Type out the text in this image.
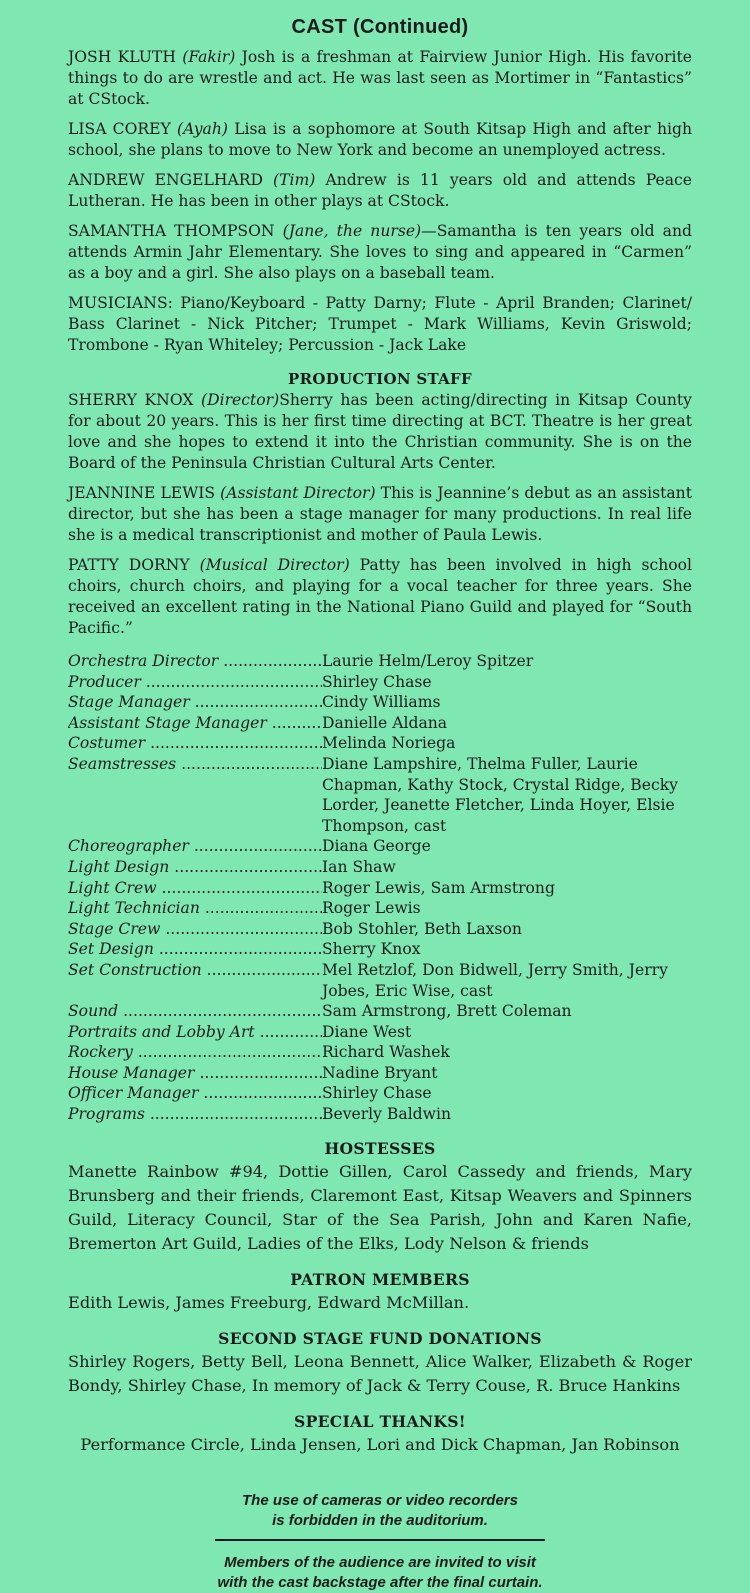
CAST (Continued)

JOSH KLUTH (Fakir) Josh is a freshman at Fairview Junior High. His favorite things to do are wrestle and act. He was last seen as Mortimer in “Fantastics” at CStock.

LISA COREY (Ayah) Lisa is a sophomore at South Kitsap High and after high school, she plans to move to New York and become an unemployed actress.

ANDREW ENGELHARD (Tim) Andrew is 11 years old and attends Peace Lutheran. He has been in other plays at CStock.

SAMANTHA THOMPSON (Jane, the nurse)—Samantha is ten years old and attends Armin Jahr Elementary. She loves to sing and appeared in “Carmen” as a boy and a girl. She also plays on a baseball team.

MUSICIANS: Piano/Keyboard - Patty Darny; Flute - April Branden; Clarinet/ Bass Clarinet - Nick Pitcher; Trumpet - Mark Williams, Kevin Griswold; Trombone - Ryan Whiteley; Percussion - Jack Lake

PRODUCTION STAFF

SHERRY KNOX (Director)Sherry has been acting/directing in Kitsap County for about 20 years. This is her first time directing at BCT. Theatre is her great love and she hopes to extend it into the Christian community. She is on the Board of the Peninsula Christian Cultural Arts Center.

JEANNINE LEWIS (Assistant Director) This is Jeannine’s debut as an assistant director, but she has been a stage manager for many productions. In real life she is a medical transcriptionist and mother of Paula Lewis.

PATTY DORNY (Musical Director) Patty has been involved in high school choirs, church choirs, and playing for a vocal teacher for three years. She received an excellent rating in the National Piano Guild and played for “South Pacific.”

Orchestra Director .....	Laurie Helm/Leroy Spitzer
Producer .....	Shirley Chase
Stage Manager .....	Cindy Williams
Assistant Stage Manager .....	Danielle Aldana
Costumer .....	Melinda Noriega
Seamstresses .....	Diane Lampshire, Thelma Fuller, Laurie Chapman, Kathy Stock, Crystal Ridge, Becky Lorder, Jeanette Fletcher, Linda Hoyer, Elsie Thompson, cast
Choreographer .....	Diana George
Light Design .....	Ian Shaw
Light Crew .....	Roger Lewis, Sam Armstrong
Light Technician .....	Roger Lewis
Stage Crew .....	Bob Stohler, Beth Laxson
Set Design .....	Sherry Knox
Set Construction .....	Mel Retzlof, Don Bidwell, Jerry Smith, Jerry Jobes, Eric Wise, cast
Sound .....	Sam Armstrong, Brett Coleman
Portraits and Lobby Art .....	Diane West
Rockery .....	Richard Washek
House Manager .....	Nadine Bryant
Officer Manager .....	Shirley Chase
Programs .....	Beverly Baldwin
HOSTESSES

Manette Rainbow #94, Dottie Gillen, Carol Cassedy and friends, Mary Brunsberg and their friends, Claremont East, Kitsap Weavers and Spinners Guild, Literacy Council, Star of the Sea Parish, John and Karen Nafie, Bremerton Art Guild, Ladies of the Elks, Lody Nelson & friends

PATRON MEMBERS

Edith Lewis, James Freeburg, Edward McMillan.

SECOND STAGE FUND DONATIONS

Shirley Rogers, Betty Bell, Leona Bennett, Alice Walker, Elizabeth & Roger Bondy, Shirley Chase, In memory of Jack & Terry Couse, R. Bruce Hankins

SPECIAL THANKS!

Performance Circle, Linda Jensen, Lori and Dick Chapman, Jan Robinson

The use of cameras or video recorders
is forbidden in the auditorium.
Members of the audience are invited to visit
with the cast backstage after the final curtain.
